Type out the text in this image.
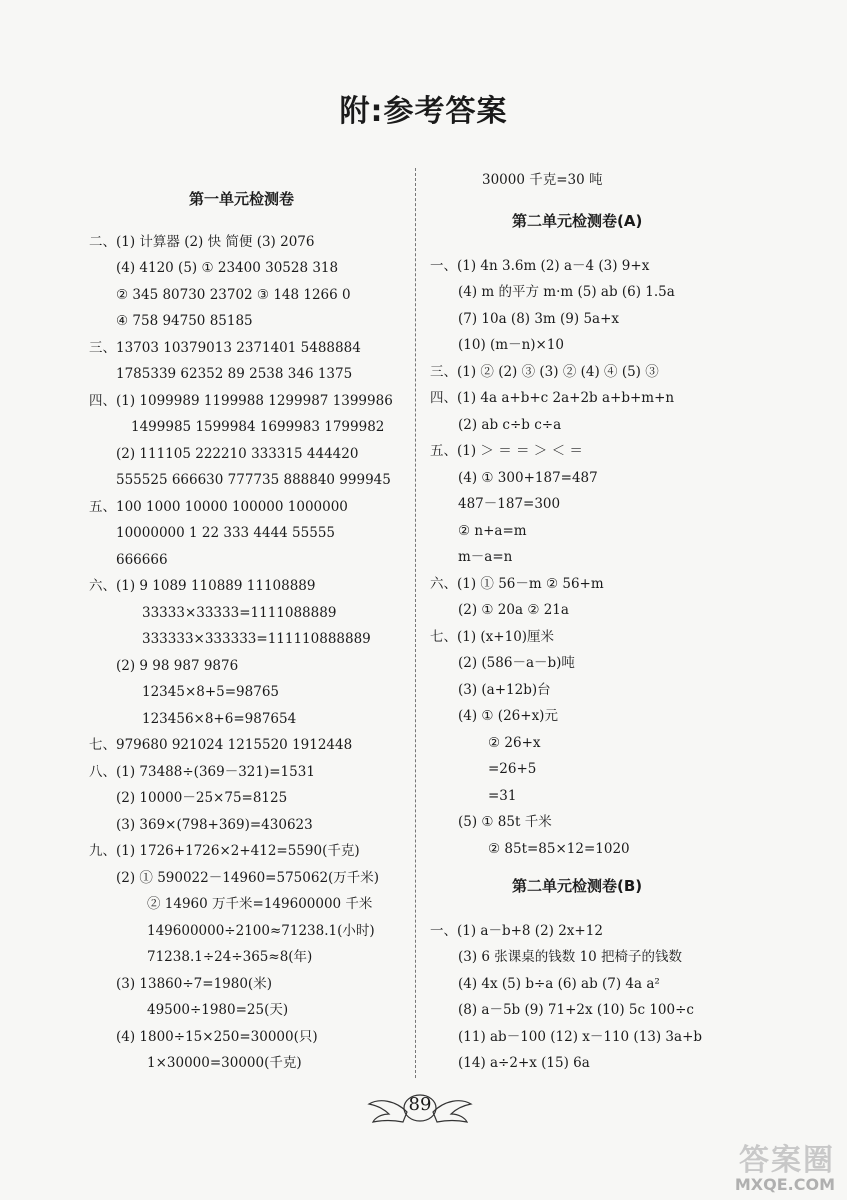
附:参考答案
第一单元检测卷
二、(1) 计算器 (2) 快 简便 (3) 2076
(4) 4120 (5) ① 23400 30528 318
② 345 80730 23702 ③ 148 1266 0
④ 758 94750 85185
三、13703 10379013 2371401 5488884
1785339 62352 89 2538 346 1375
四、(1) 1099989 1199988 1299987 1399986
1499985 1599984 1699983 1799982
(2) 111105 222210 333315 444420
555525 666630 777735 888840 999945
五、100 1000 10000 100000 1000000
10000000 1 22 333 4444 55555
666666
六、(1) 9 1089 110889 11108889
33333×33333=1111088889
333333×333333=111110888889
(2) 9 98 987 9876
12345×8+5=98765
123456×8+6=987654
七、979680 921024 1215520 1912448
八、(1) 73488÷(369－321)=1531
(2) 10000－25×75=8125
(3) 369×(798+369)=430623
九、(1) 1726+1726×2+412=5590(千克)
(2) ① 590022－14960=575062(万千米)
② 14960 万千米=149600000 千米
149600000÷2100≈71238.1(小时)
71238.1÷24÷365≈8(年)
(3) 13860÷7=1980(米)
49500÷1980=25(天)
(4) 1800÷15×250=30000(只)
1×30000=30000(千克)
30000 千克=30 吨
第二单元检测卷(A)
一、(1) 4n 3.6m (2) a－4 (3) 9+x
(4) m 的平方 m·m (5) ab (6) 1.5a
(7) 10a (8) 3m (9) 5a+x
(10) (m－n)×10
三、(1) ② (2) ③ (3) ② (4) ④ (5) ③
四、(1) 4a a+b+c 2a+2b a+b+m+n
(2) ab c÷b c÷a
五、(1) ＞ ＝ ＝ ＞ ＜ ＝
(4) ① 300+187=487
487－187=300
② n+a=m
m－a=n
六、(1) ① 56－m ② 56+m
(2) ① 20a ② 21a
七、(1) (x+10)厘米
(2) (586－a－b)吨
(3) (a+12b)台
(4) ① (26+x)元
② 26+x
=26+5
=31
(5) ① 85t 千米
② 85t=85×12=1020
第二单元检测卷(B)
一、(1) a－b+8 (2) 2x+12
(3) 6 张课桌的钱数 10 把椅子的钱数
(4) 4x (5) b÷a (6) ab (7) 4a a²
(8) a－5b (9) 71+2x (10) 5c 100÷c
(11) ab－100 (12) x－110 (13) 3a+b
(14) a÷2+x (15) 6a
89
答案圈
MXQE.COM
